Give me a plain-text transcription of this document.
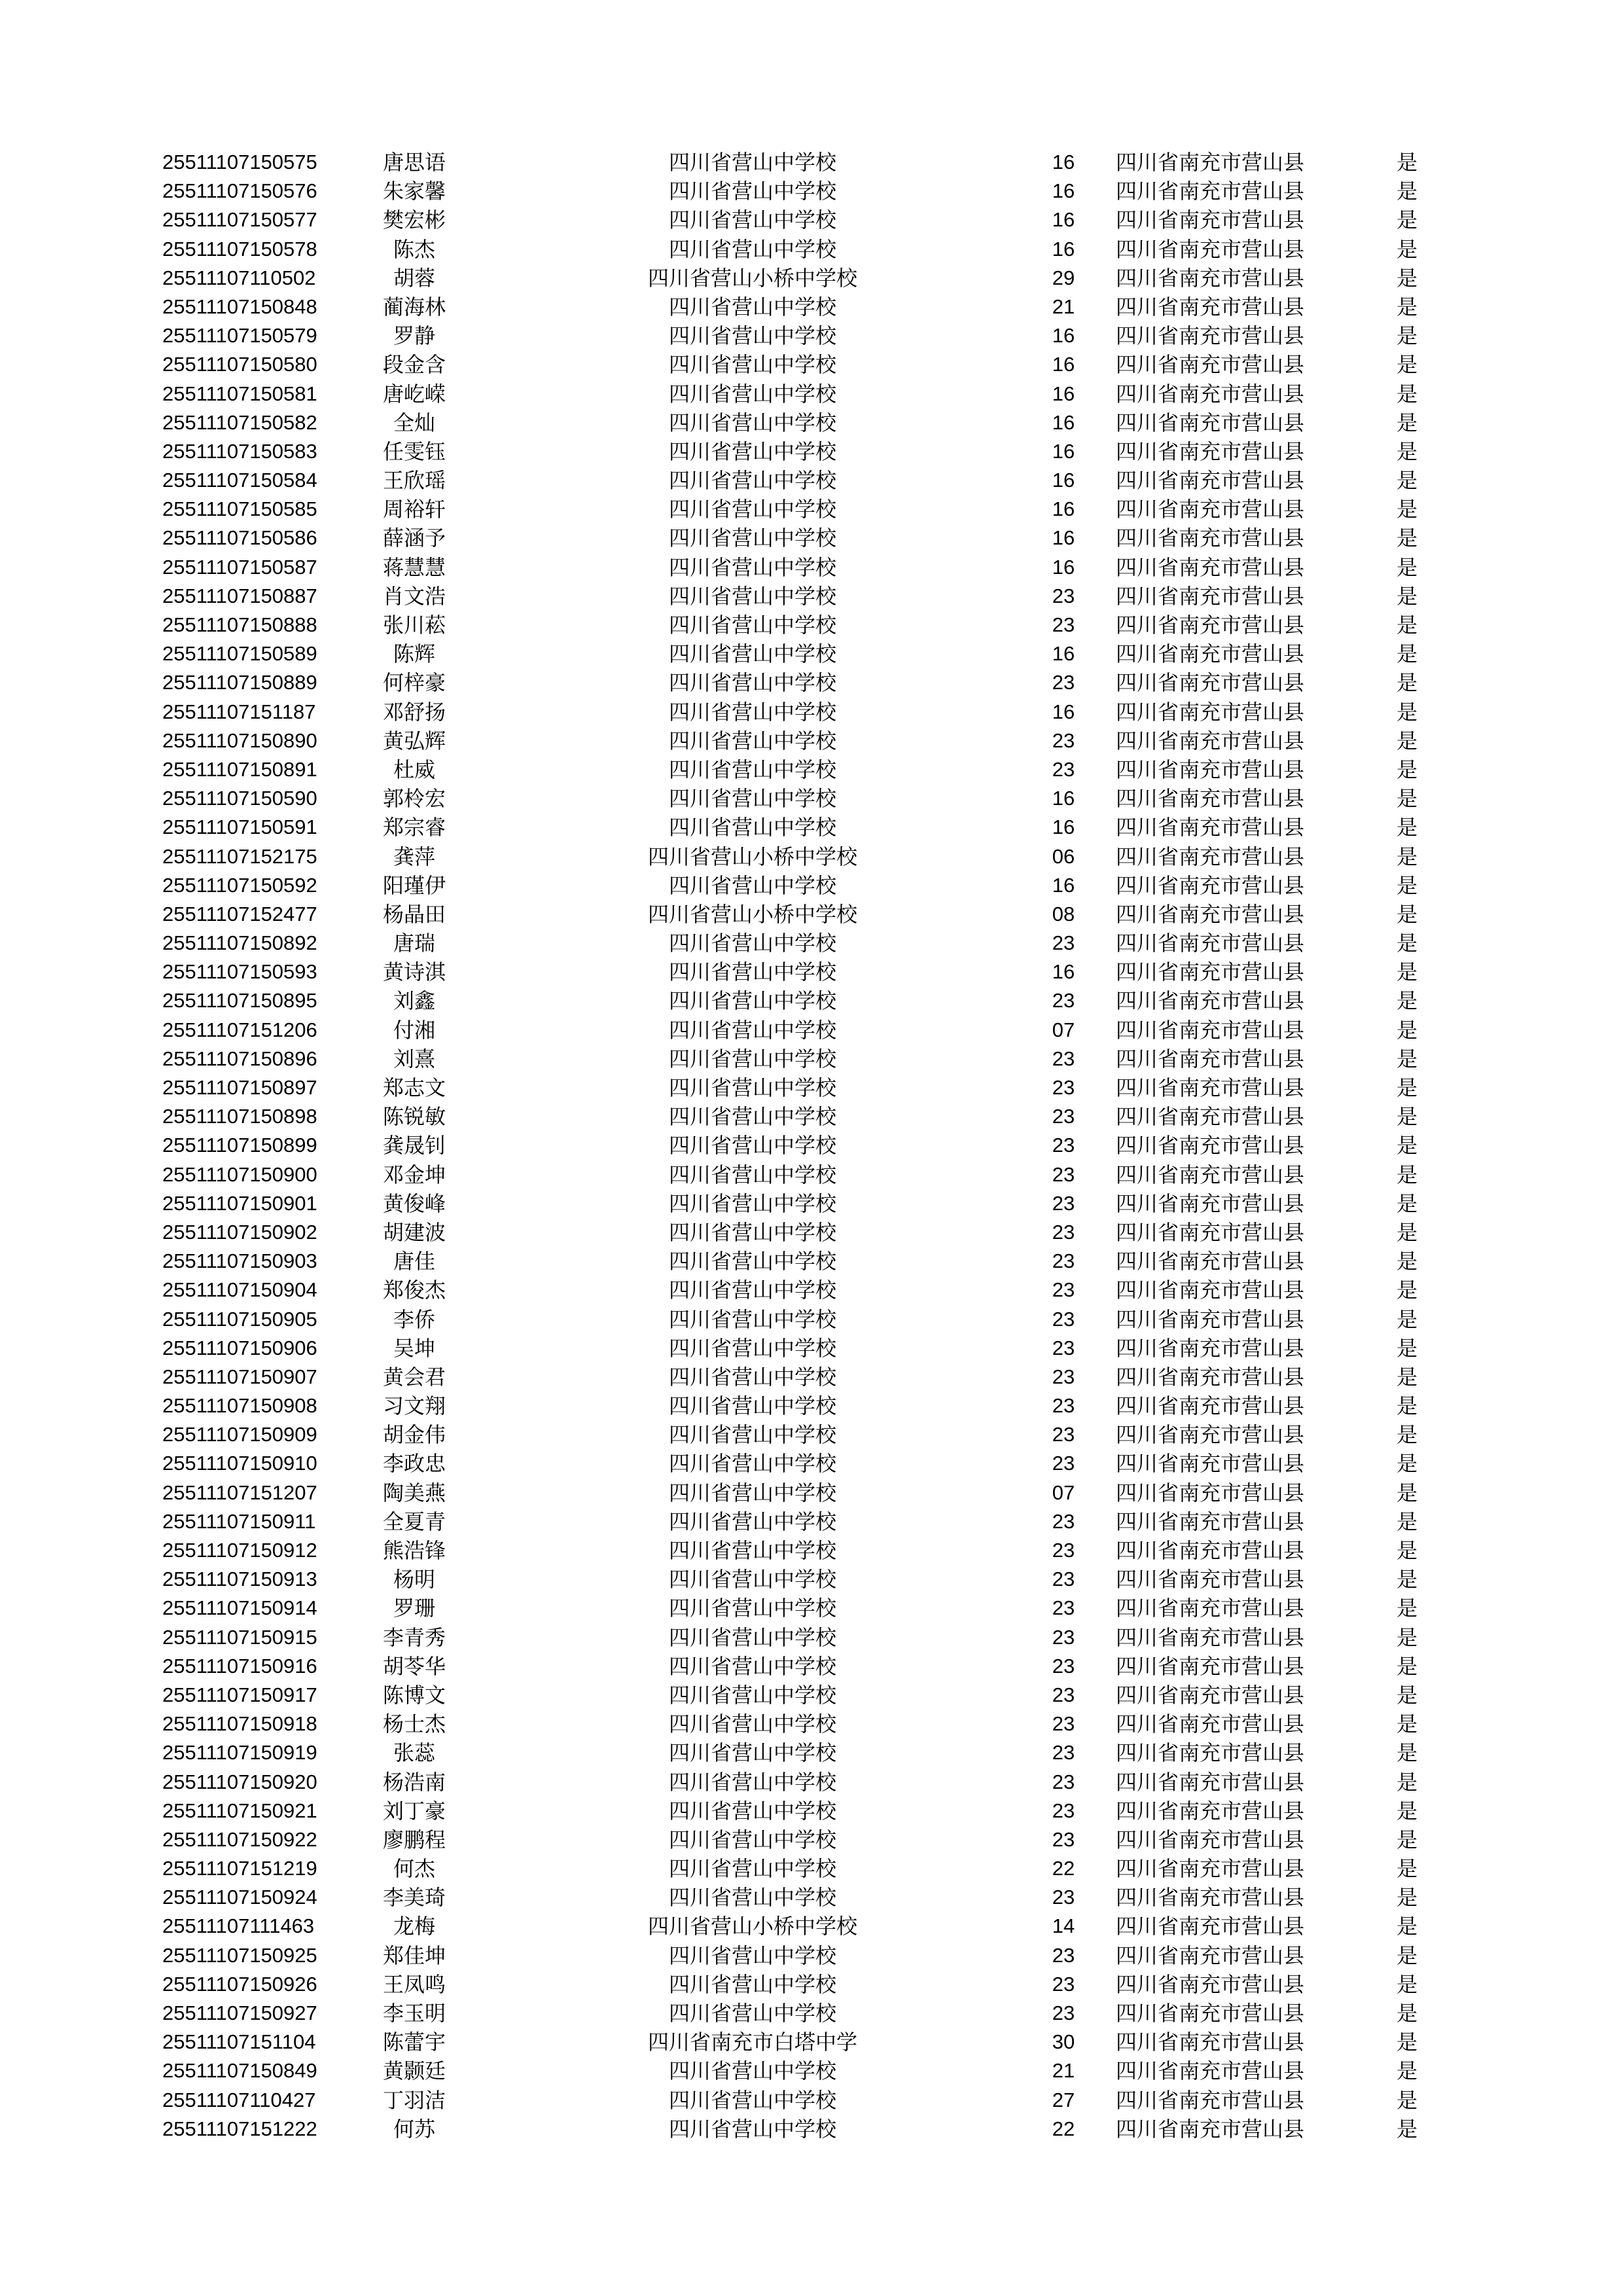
25511107150575	唐思语	四川省营山中学校	16	四川省南充市营山县	是
25511107150576	朱家馨	四川省营山中学校	16	四川省南充市营山县	是
25511107150577	樊宏彬	四川省营山中学校	16	四川省南充市营山县	是
25511107150578	陈杰	四川省营山中学校	16	四川省南充市营山县	是
25511107110502	胡蓉	四川省营山小桥中学校	29	四川省南充市营山县	是
25511107150848	蔺海林	四川省营山中学校	21	四川省南充市营山县	是
25511107150579	罗静	四川省营山中学校	16	四川省南充市营山县	是
25511107150580	段金含	四川省营山中学校	16	四川省南充市营山县	是
25511107150581	唐屹嵘	四川省营山中学校	16	四川省南充市营山县	是
25511107150582	全灿	四川省营山中学校	16	四川省南充市营山县	是
25511107150583	任雯钰	四川省营山中学校	16	四川省南充市营山县	是
25511107150584	王欣瑶	四川省营山中学校	16	四川省南充市营山县	是
25511107150585	周裕轩	四川省营山中学校	16	四川省南充市营山县	是
25511107150586	薛涵予	四川省营山中学校	16	四川省南充市营山县	是
25511107150587	蒋慧慧	四川省营山中学校	16	四川省南充市营山县	是
25511107150887	肖文浩	四川省营山中学校	23	四川省南充市营山县	是
25511107150888	张川菘	四川省营山中学校	23	四川省南充市营山县	是
25511107150589	陈辉	四川省营山中学校	16	四川省南充市营山县	是
25511107150889	何梓豪	四川省营山中学校	23	四川省南充市营山县	是
25511107151187	邓舒扬	四川省营山中学校	16	四川省南充市营山县	是
25511107150890	黄弘辉	四川省营山中学校	23	四川省南充市营山县	是
25511107150891	杜威	四川省营山中学校	23	四川省南充市营山县	是
25511107150590	郭柃宏	四川省营山中学校	16	四川省南充市营山县	是
25511107150591	郑宗睿	四川省营山中学校	16	四川省南充市营山县	是
25511107152175	龚萍	四川省营山小桥中学校	06	四川省南充市营山县	是
25511107150592	阳瑾伊	四川省营山中学校	16	四川省南充市营山县	是
25511107152477	杨晶田	四川省营山小桥中学校	08	四川省南充市营山县	是
25511107150892	唐瑞	四川省营山中学校	23	四川省南充市营山县	是
25511107150593	黄诗淇	四川省营山中学校	16	四川省南充市营山县	是
25511107150895	刘鑫	四川省营山中学校	23	四川省南充市营山县	是
25511107151206	付湘	四川省营山中学校	07	四川省南充市营山县	是
25511107150896	刘熹	四川省营山中学校	23	四川省南充市营山县	是
25511107150897	郑志文	四川省营山中学校	23	四川省南充市营山县	是
25511107150898	陈锐敏	四川省营山中学校	23	四川省南充市营山县	是
25511107150899	龚晟钊	四川省营山中学校	23	四川省南充市营山县	是
25511107150900	邓金坤	四川省营山中学校	23	四川省南充市营山县	是
25511107150901	黄俊峰	四川省营山中学校	23	四川省南充市营山县	是
25511107150902	胡建波	四川省营山中学校	23	四川省南充市营山县	是
25511107150903	唐佳	四川省营山中学校	23	四川省南充市营山县	是
25511107150904	郑俊杰	四川省营山中学校	23	四川省南充市营山县	是
25511107150905	李侨	四川省营山中学校	23	四川省南充市营山县	是
25511107150906	吴坤	四川省营山中学校	23	四川省南充市营山县	是
25511107150907	黄会君	四川省营山中学校	23	四川省南充市营山县	是
25511107150908	习文翔	四川省营山中学校	23	四川省南充市营山县	是
25511107150909	胡金伟	四川省营山中学校	23	四川省南充市营山县	是
25511107150910	李政忠	四川省营山中学校	23	四川省南充市营山县	是
25511107151207	陶美燕	四川省营山中学校	07	四川省南充市营山县	是
25511107150911	全夏青	四川省营山中学校	23	四川省南充市营山县	是
25511107150912	熊浩锋	四川省营山中学校	23	四川省南充市营山县	是
25511107150913	杨明	四川省营山中学校	23	四川省南充市营山县	是
25511107150914	罗珊	四川省营山中学校	23	四川省南充市营山县	是
25511107150915	李青秀	四川省营山中学校	23	四川省南充市营山县	是
25511107150916	胡苓华	四川省营山中学校	23	四川省南充市营山县	是
25511107150917	陈博文	四川省营山中学校	23	四川省南充市营山县	是
25511107150918	杨士杰	四川省营山中学校	23	四川省南充市营山县	是
25511107150919	张蕊	四川省营山中学校	23	四川省南充市营山县	是
25511107150920	杨浩南	四川省营山中学校	23	四川省南充市营山县	是
25511107150921	刘丁豪	四川省营山中学校	23	四川省南充市营山县	是
25511107150922	廖鹏程	四川省营山中学校	23	四川省南充市营山县	是
25511107151219	何杰	四川省营山中学校	22	四川省南充市营山县	是
25511107150924	李美琦	四川省营山中学校	23	四川省南充市营山县	是
25511107111463	龙梅	四川省营山小桥中学校	14	四川省南充市营山县	是
25511107150925	郑佳坤	四川省营山中学校	23	四川省南充市营山县	是
25511107150926	王凤鸣	四川省营山中学校	23	四川省南充市营山县	是
25511107150927	李玉明	四川省营山中学校	23	四川省南充市营山县	是
25511107151104	陈蕾宇	四川省南充市白塔中学	30	四川省南充市营山县	是
25511107150849	黄颢廷	四川省营山中学校	21	四川省南充市营山县	是
25511107110427	丁羽洁	四川省营山中学校	27	四川省南充市营山县	是
25511107151222	何苏	四川省营山中学校	22	四川省南充市营山县	是
